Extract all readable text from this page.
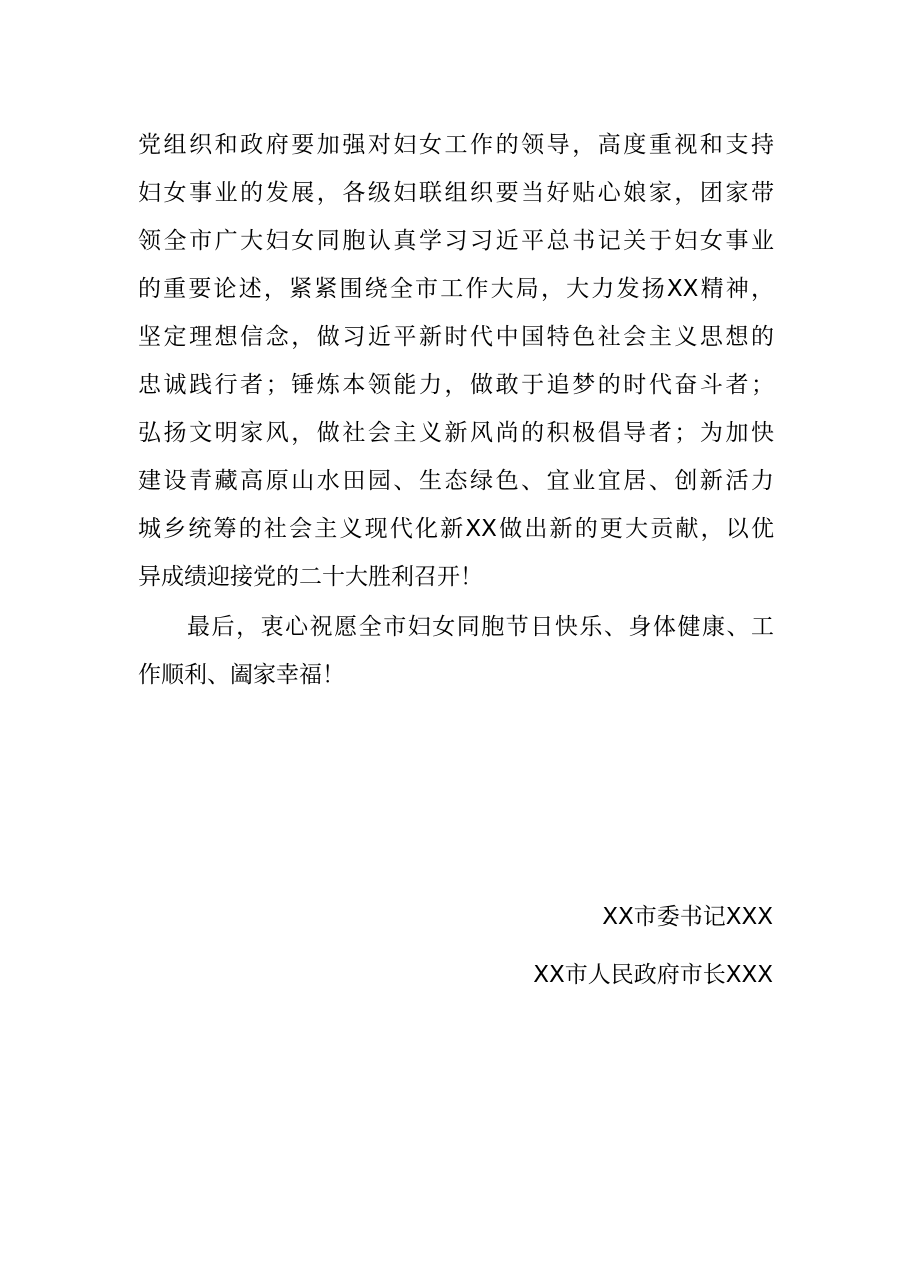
党组织和政府要加强对妇女工作的领导，高度重视和支持
妇女事业的发展，各级妇联组织要当好贴心娘家，团家带
领全市广大妇女同胞认真学习习近平总书记关于妇女事业
的重要论述，紧紧围绕全市工作大局，大力发扬XX精神，
坚定理想信念，做习近平新时代中国特色社会主义思想的
忠诚践行者；锤炼本领能力，做敢于追梦的时代奋斗者；
弘扬文明家风，做社会主义新风尚的积极倡导者；为加快
建设青藏高原山水田园、生态绿色、宜业宜居、创新活力
城乡统筹的社会主义现代化新XX做出新的更大贡献，以优
异成绩迎接党的二十大胜利召开！
　　最后，衷心祝愿全市妇女同胞节日快乐、身体健康、工
作顺利、阖家幸福！
XX市委书记XXX
XX市人民政府市长XXX
